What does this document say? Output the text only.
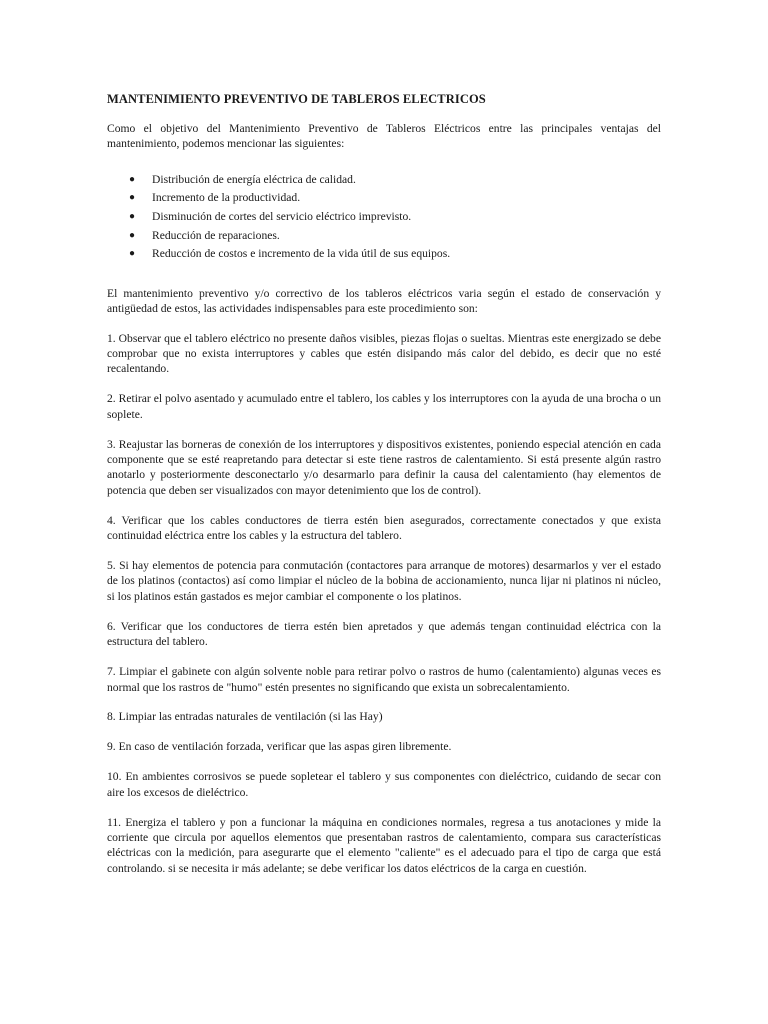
MANTENIMIENTO PREVENTIVO DE TABLEROS ELECTRICOS

Como el objetivo del Mantenimiento Preventivo de Tableros Eléctricos entre las principales ventajas del mantenimiento, podemos mencionar las siguientes:

● Distribución de energía eléctrica de calidad.
● Incremento de la productividad.
● Disminución de cortes del servicio eléctrico imprevisto.
● Reducción de reparaciones.
● Reducción de costos e incremento de la vida útil de sus equipos.

El mantenimiento preventivo y/o correctivo de los tableros eléctricos varia según el estado de conservación y antigüedad de estos, las actividades indispensables para este procedimiento son:

1. Observar que el tablero eléctrico no presente daños visibles, piezas flojas o sueltas. Mientras este energizado se debe comprobar que no exista interruptores y cables que estén disipando más calor del debido, es decir que no esté recalentando.

2. Retirar el polvo asentado y acumulado entre el tablero, los cables y los interruptores con la ayuda de una brocha o un soplete.

3. Reajustar las borneras de conexión de los interruptores y dispositivos existentes, poniendo especial atención en cada componente que se esté reapretando para detectar si este tiene rastros de calentamiento. Si está presente algún rastro anotarlo y posteriormente desconectarlo y/o desarmarlo para definir la causa del calentamiento (hay elementos de potencia que deben ser visualizados con mayor detenimiento que los de control).

4. Verificar que los cables conductores de tierra estén bien asegurados, correctamente conectados y que exista continuidad eléctrica entre los cables y la estructura del tablero.

5. Si hay elementos de potencia para conmutación (contactores para arranque de motores) desarmarlos y ver el estado de los platinos (contactos) así como limpiar el núcleo de la bobina de accionamiento, nunca lijar ni platinos ni núcleo, si los platinos están gastados es mejor cambiar el componente o los platinos.

6. Verificar que los conductores de tierra estén bien apretados y que además tengan continuidad eléctrica con la estructura del tablero.

7. Limpiar el gabinete con algún solvente noble para retirar polvo o rastros de humo (calentamiento) algunas veces es normal que los rastros de "humo" estén presentes no significando que exista un sobrecalentamiento.

8. Limpiar las entradas naturales de ventilación (si las Hay)

9. En caso de ventilación forzada, verificar que las aspas giren libremente.

10. En ambientes corrosivos se puede sopletear el tablero y sus componentes con dieléctrico, cuidando de secar con aire los excesos de dieléctrico.

11. Energiza el tablero y pon a funcionar la máquina en condiciones normales, regresa a tus anotaciones y mide la corriente que circula por aquellos elementos que presentaban rastros de calentamiento, compara sus características eléctricas con la medición, para asegurarte que el elemento "caliente" es el adecuado para el tipo de carga que está controlando. si se necesita ir más adelante; se debe verificar los datos eléctricos de la carga en cuestión.
